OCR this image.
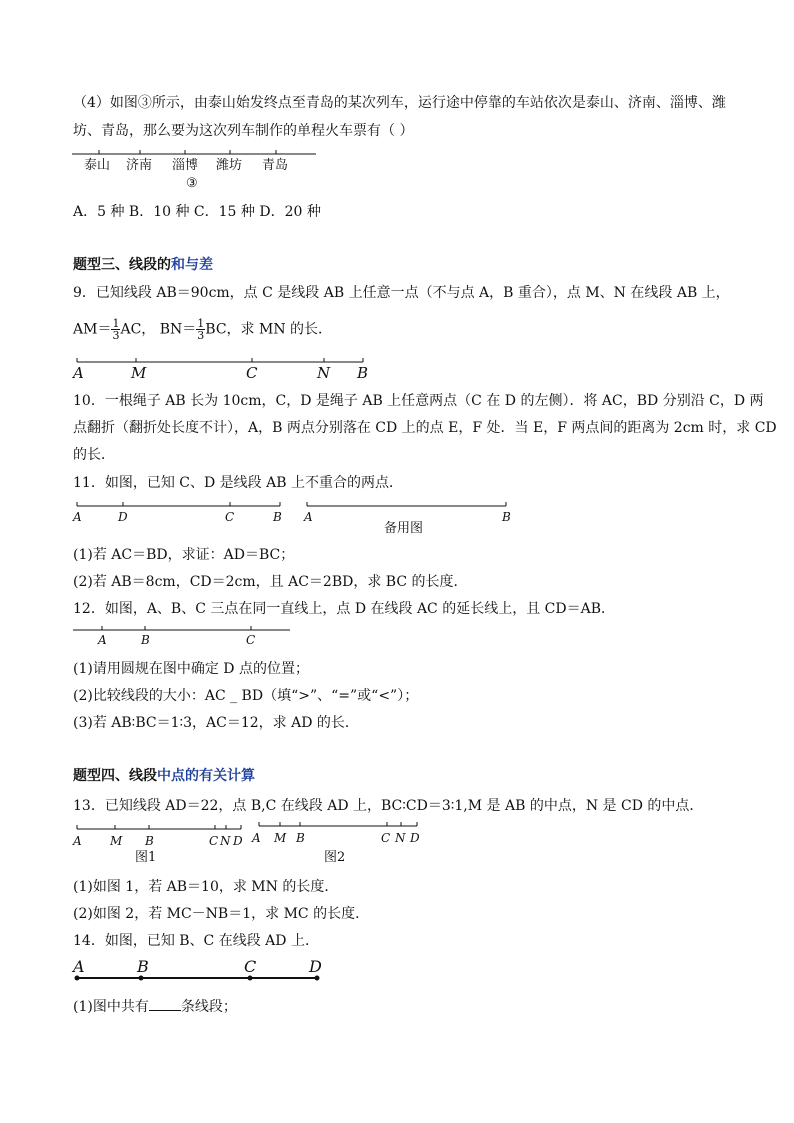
（4）如图③所示，由泰山始发终点至青岛的某次列车，运行途中停靠的车站依次是泰山、济南、淄博、潍
坊、青岛，那么要为这次列车制作的单程火车票有（ ）
泰山 济南 淄博 潍坊 青岛
③
A．5 种 B．10 种 C．15 种 D．20 种
题型三、线段的和与差
9．已知线段 AB＝90cm，点 C 是线段 AB 上任意一点（不与点 A，B 重合），点 M、N 在线段 AB 上，
$AM= \frac{1}{3}$ AC， $BN= \frac{1}{3}$ BC，求 MN 的长．
A	M	C	N B
10．一根绳子 AB 长为 10cm，C，D 是绳子 AB 上任意两点（C 在 D 的左侧）．将 AC，BD 分别沿 C，D 两
点翻折（翻折处长度不计），A，B 两点分别落在 CD 上的点 E，F 处．当 E，F 两点间的距离为 2cm 时，求 CD
的长．
11．如图，已知 C、D 是线段 AB 上不重合的两点．
A	D	C	B A	B
备用图
(1)若 AC＝BD，求证：AD＝BC；
(2)若 AB＝8cm，CD＝2cm，且 AC＝2BD，求 BC 的长度．
12．如图，A、B、C 三点在同一直线上，点 D 在线段 AC 的延长线上，且 CD＝AB．
A	B	C
(1)请用圆规在图中确定 D 点的位置；
(2)比较线段的大小：AC _ BD（填“>”、“=”或“<”）；
(3)若 AB∶BC＝1∶3，AC＝12，求 AD 的长．
题型四、线段中点的有关计算
13．已知线段 AD＝22，点 B,C 在线段 AD 上，BC∶CD＝3∶1,M 是 AB 的中点，N 是 CD 的中点．
A M B	C N D
图1
A M B	C N D
图2
(1)如图 1，若 AB＝10，求 MN 的长度．
(2)如图 2，若 MC－NB＝1，求 MC 的长度．
14．如图，已知 B、C 在线段 AD 上．
A	B	C	D
(1)图中共有 条线段；
